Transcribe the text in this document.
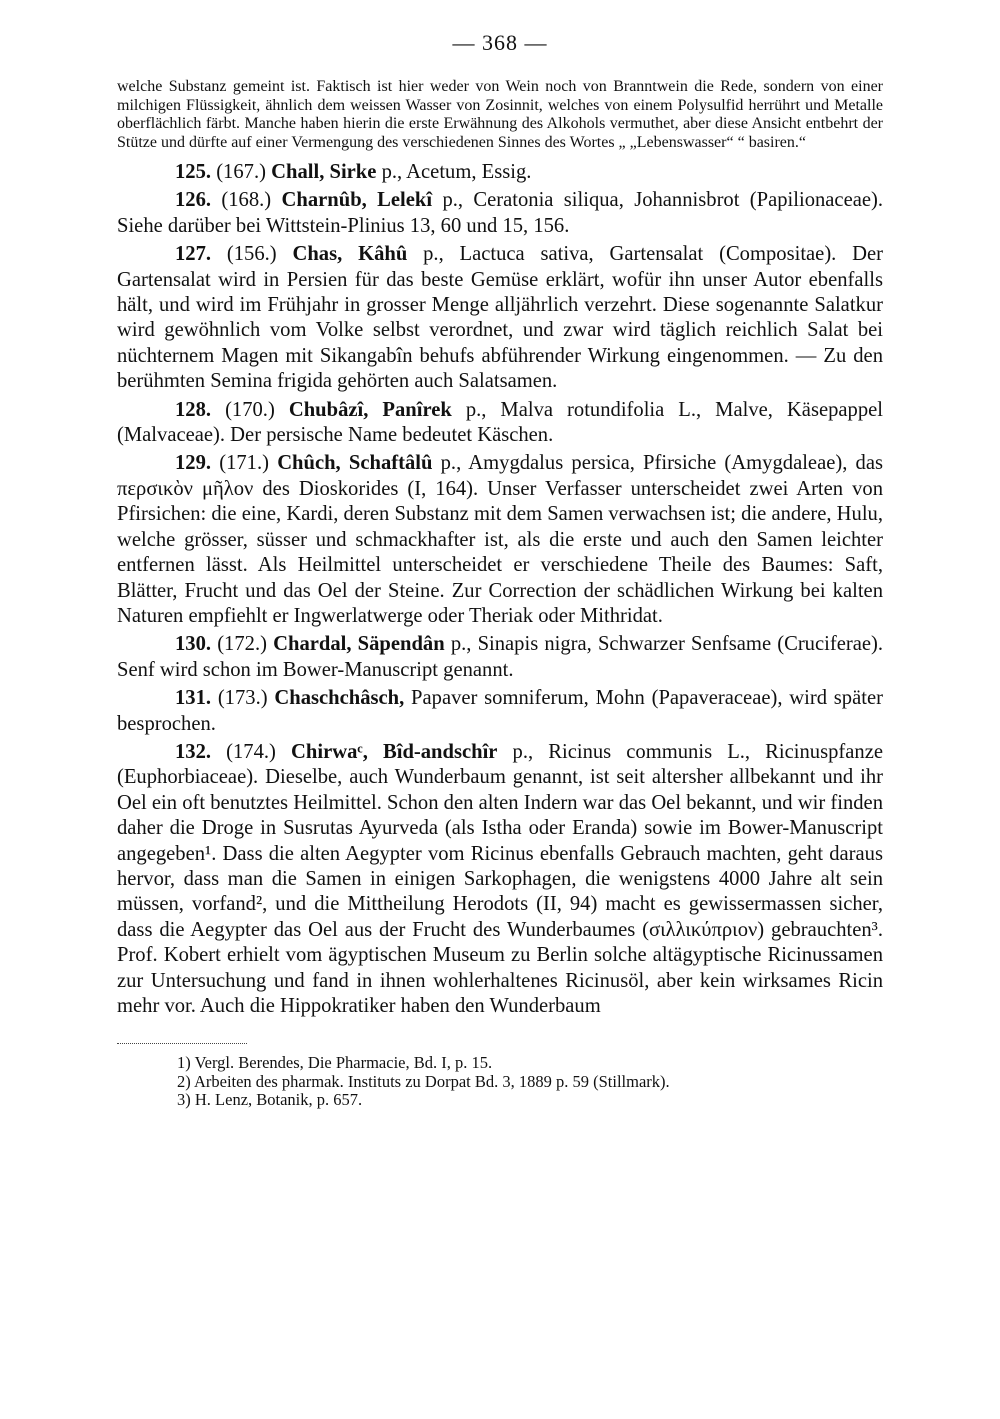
— 368 —
welche Substanz gemeint ist. Faktisch ist hier weder von Wein noch von Branntwein die Rede, sondern von einer milchigen Flüssigkeit, ähnlich dem weissen Wasser von Zosinnit, welches von einem Polysulfid herrührt und Metalle oberflächlich färbt. Manche haben hierin die erste Erwähnung des Alkohols vermuthet, aber diese Ansicht entbehrt der Stütze und dürfte auf einer Vermengung des verschiedenen Sinnes des Wortes „ „Lebenswasser“ “ basiren.“
125. (167.) Chall, Sirke p., Acetum, Essig.
126. (168.) Charnûb, Lelekî p., Ceratonia siliqua, Johannisbrot (Papilionaceae). Siehe darüber bei Wittstein-Plinius 13, 60 und 15, 156.
127. (156.) Chas, Kâhû p., Lactuca sativa, Gartensalat (Compositae). Der Gartensalat wird in Persien für das beste Gemüse erklärt, wofür ihn unser Autor ebenfalls hält, und wird im Frühjahr in grosser Menge alljährlich verzehrt. Diese sogenannte Salatkur wird gewöhnlich vom Volke selbst verordnet, und zwar wird täglich reichlich Salat bei nüchternem Magen mit Sikangabîn behufs abführender Wirkung eingenommen. — Zu den berühmten Semina frigida gehörten auch Salatsamen.
128. (170.) Chubâzî, Panîrek p., Malva rotundifolia L., Malve, Käsepappel (Malvaceae). Der persische Name bedeutet Käschen.
129. (171.) Chûch, Schaftâlû p., Amygdalus persica, Pfirsiche (Amygdaleae), das περσικὸν μῆλον des Dioskorides (I, 164). Unser Verfasser unterscheidet zwei Arten von Pfirsichen: die eine, Kardi, deren Substanz mit dem Samen verwachsen ist; die andere, Hulu, welche grösser, süsser und schmackhafter ist, als die erste und auch den Samen leichter entfernen lässt. Als Heilmittel unterscheidet er verschiedene Theile des Baumes: Saft, Blätter, Frucht und das Oel der Steine. Zur Correction der schädlichen Wirkung bei kalten Naturen empfiehlt er Ingwerlatwerge oder Theriak oder Mithridat.
130. (172.) Chardal, Säpendân p., Sinapis nigra, Schwarzer Senfsame (Cruciferae). Senf wird schon im Bower-Manuscript genannt.
131. (173.) Chaschchâsch, Papaver somniferum, Mohn (Papaveraceae), wird später besprochen.
132. (174.) Chirwaᶜ, Bîd-andschîr p., Ricinus communis L., Ricinuspfanze (Euphorbiaceae). Dieselbe, auch Wunderbaum genannt, ist seit altersher allbekannt und ihr Oel ein oft benutztes Heilmittel. Schon den alten Indern war das Oel bekannt, und wir finden daher die Droge in Susrutas Ayurveda (als Istha oder Eranda) sowie im Bower-Manuscript angegeben¹. Dass die alten Aegypter vom Ricinus ebenfalls Gebrauch machten, geht daraus hervor, dass man die Samen in einigen Sarkophagen, die wenigstens 4000 Jahre alt sein müssen, vorfand², und die Mittheilung Herodots (II, 94) macht es gewissermassen sicher, dass die Aegypter das Oel aus der Frucht des Wunderbaumes (σιλλικύπριον) gebrauchten³. Prof. Kobert erhielt vom ägyptischen Museum zu Berlin solche altägyptische Ricinussamen zur Untersuchung und fand in ihnen wohlerhaltenes Ricinusöl, aber kein wirksames Ricin mehr vor. Auch die Hippokratiker haben den Wunderbaum
1) Vergl. Berendes, Die Pharmacie, Bd. I, p. 15.
2) Arbeiten des pharmak. Instituts zu Dorpat Bd. 3, 1889 p. 59 (Stillmark).
3) H. Lenz, Botanik, p. 657.
